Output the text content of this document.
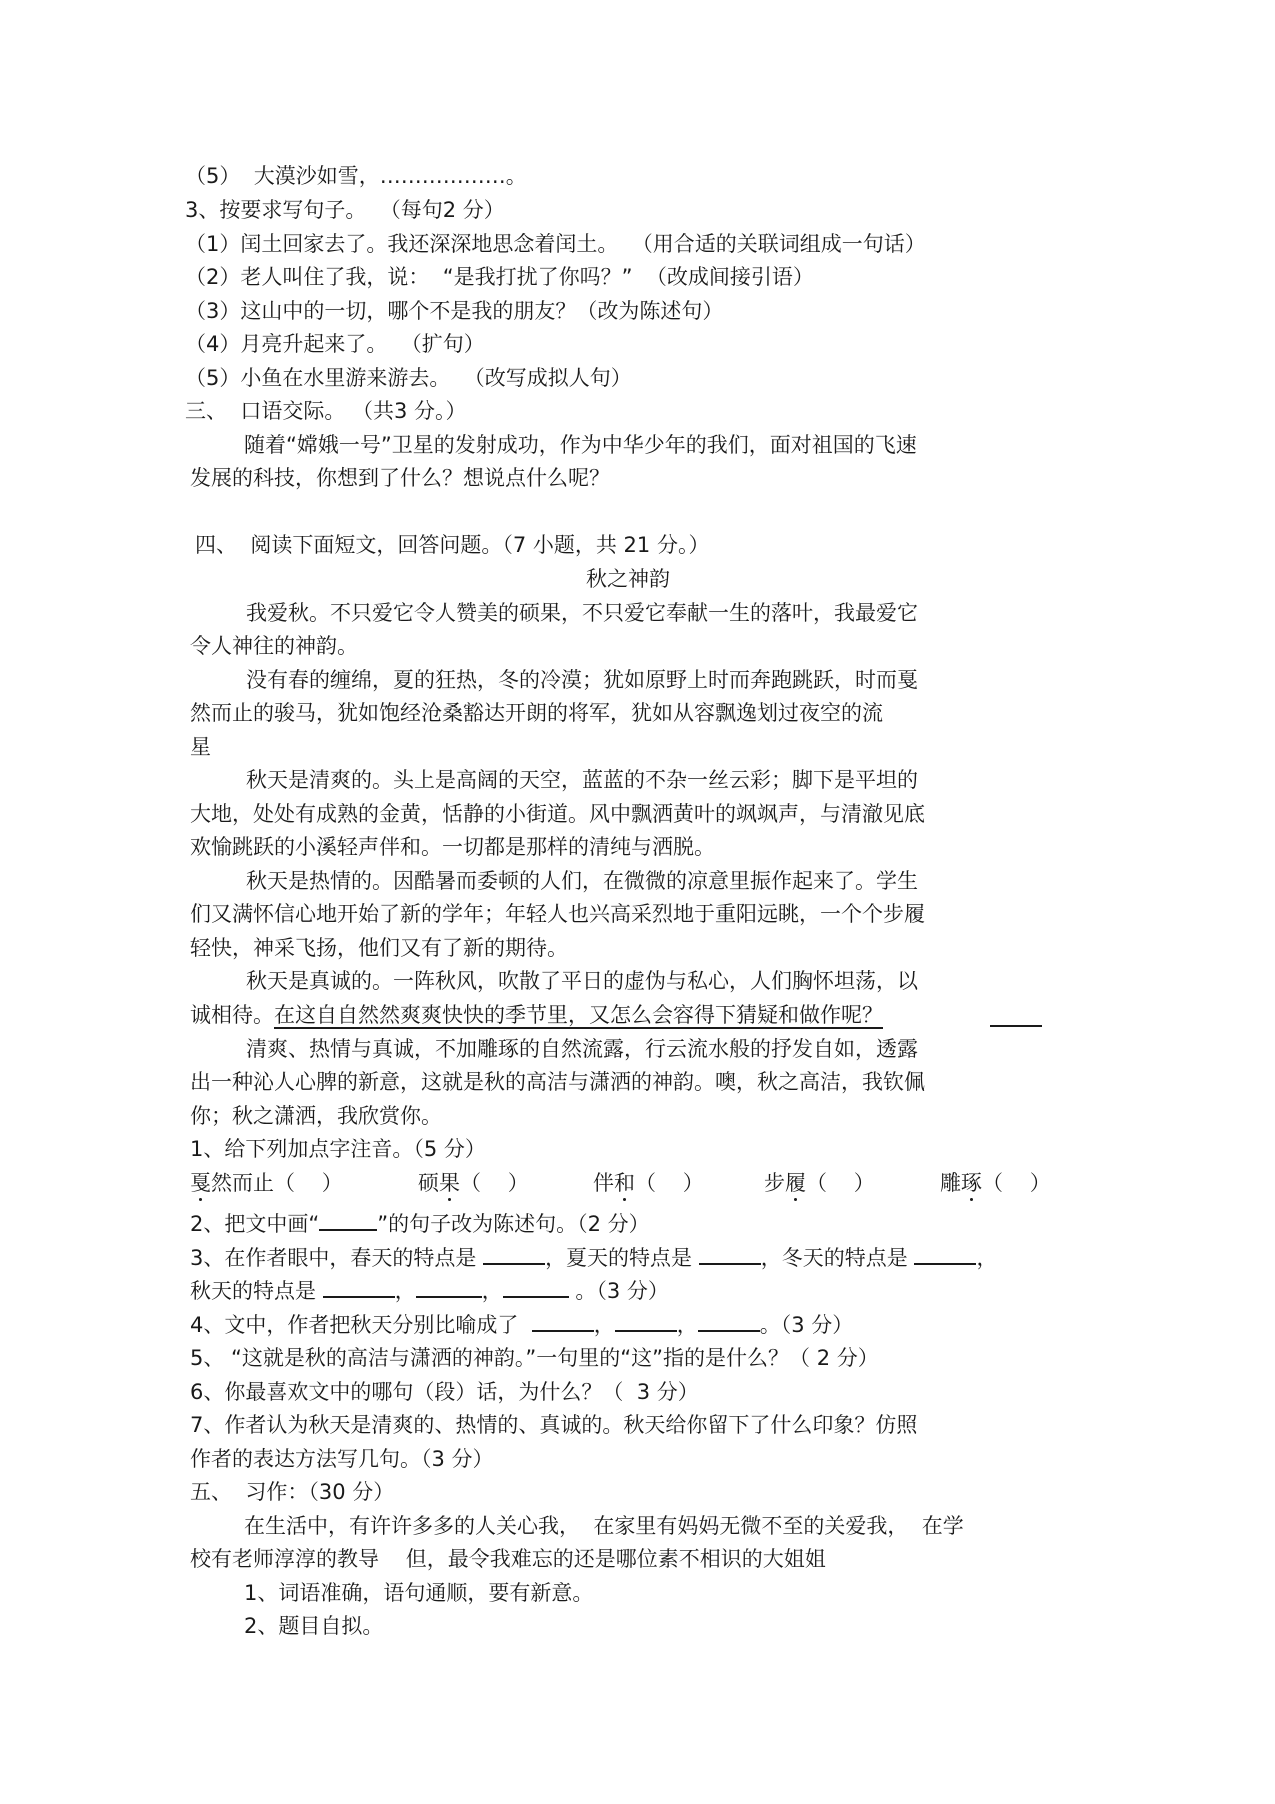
（5）  大漠沙如雪，………………。
3、按要求写句子。  （每句2 分）
（1）闰土回家去了。我还深深地思念着闰土。  （用合适的关联词组成一句话）
（2）老人叫住了我，说：  “是我打扰了你吗？”  （改成间接引语）
（3）这山中的一切，哪个不是我的朋友？（改为陈述句）
（4）月亮升起来了。  （扩句）
（5）小鱼在水里游来游去。  （改写成拟人句）
三、  口语交际。 （共3 分。）
随着“嫦娥一号”卫星的发射成功，作为中华少年的我们，面对祖国的飞速
发展的科技，你想到了什么？想说点什么呢？
四、  阅读下面短文，回答问题。（7 小题，共 21 分。）
秋之神韵
我爱秋。不只爱它令人赞美的硕果，不只爱它奉献一生的落叶，我最爱它
令人神往的神韵。
没有春的缠绵，夏的狂热，冬的冷漠；犹如原野上时而奔跑跳跃，时而戛
然而止的骏马，犹如饱经沧桑豁达开朗的将军，犹如从容飘逸划过夜空的流
星
秋天是清爽的。头上是高阔的天空，蓝蓝的不杂一丝云彩；脚下是平坦的
大地，处处有成熟的金黄，恬静的小街道。风中飘洒黄叶的飒飒声，与清澈见底
欢愉跳跃的小溪轻声伴和。一切都是那样的清纯与洒脱。
秋天是热情的。因酷暑而委顿的人们，在微微的凉意里振作起来了。学生
们又满怀信心地开始了新的学年；年轻人也兴高采烈地于重阳远眺，一个个步履
轻快，神采飞扬，他们又有了新的期待。
秋天是真诚的。一阵秋风，吹散了平日的虚伪与私心，人们胸怀坦荡，以
诚相待。在这自自然然爽爽快快的季节里，又怎么会容得下猜疑和做作呢？
清爽、热情与真诚，不加雕琢的自然流露，行云流水般的抒发自如，透露
出一种沁人心脾的新意，这就是秋的高洁与潇洒的神韵。噢，秋之高洁，我钦佩
你；秋之潇洒，我欣赏你。
1、给下列加点字注音。（5 分）
戛然而止（    ）	硕果（    ）	伴和（    ）	步履（    ）	雕琢（    ）
2、把文中画“	”的句子改为陈述句。（2 分）
3、在作者眼中，春天的特点是	，夏天的特点是	，冬天的特点是	，
秋天的特点是	，	，	。（3 分）
4、文中，作者把秋天分别比喻成了	，	，	。（3 分）
5、 “这就是秋的高洁与潇洒的神韵。”一句里的“这”指的是什么？（ 2 分）
6、你最喜欢文中的哪句（段）话，为什么？（  3 分）
7、作者认为秋天是清爽的、热情的、真诚的。秋天给你留下了什么印象？仿照
作者的表达方法写几句。（3 分）
五、  习作：（30 分）
在生活中，有许许多多的人关心我，  在家里有妈妈无微不至的关爱我，  在学
校有老师淳淳的教导    但，最令我难忘的还是哪位素不相识的大姐姐
1、词语准确，语句通顺，要有新意。
2、题目自拟。
